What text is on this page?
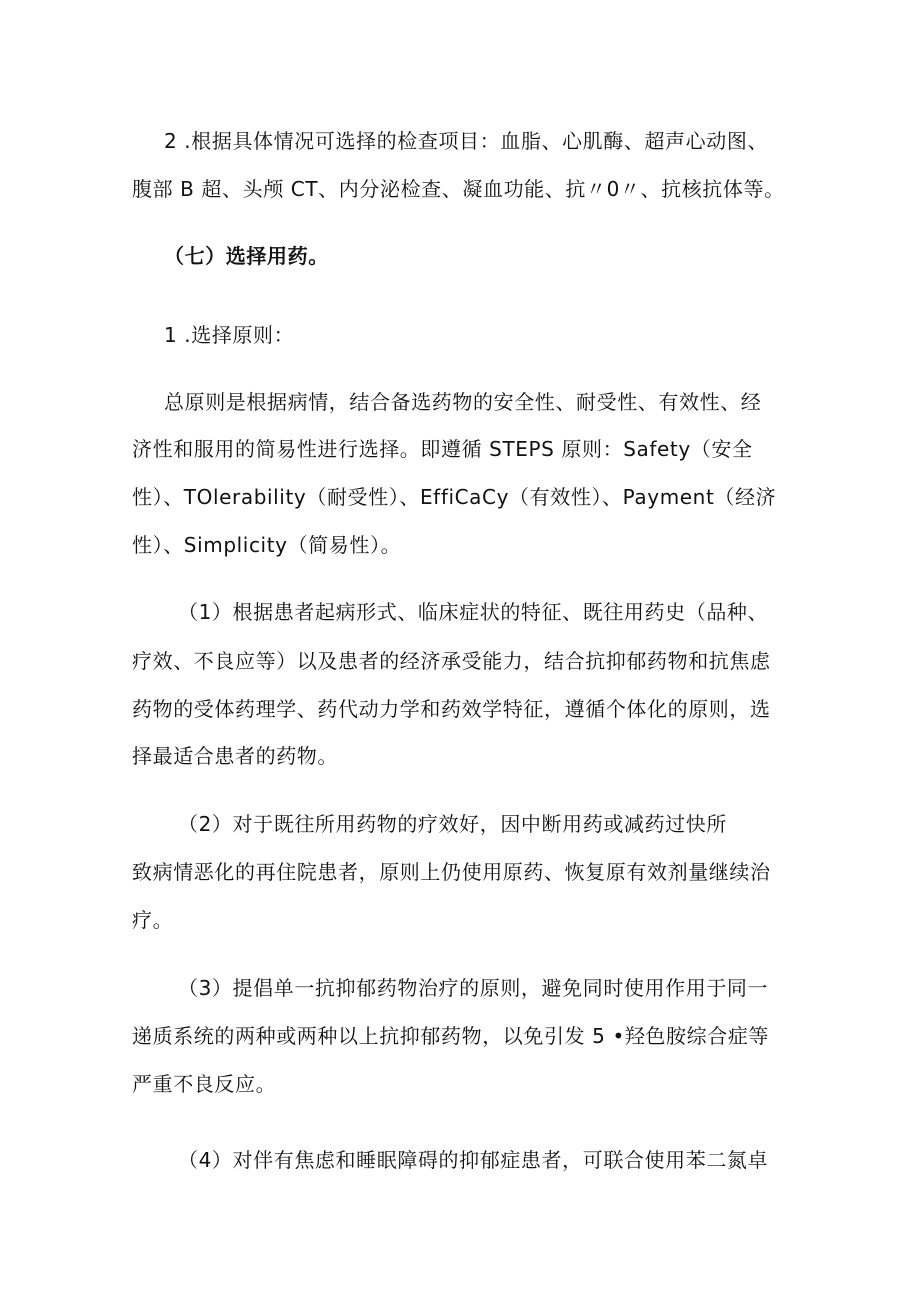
2 .根据具体情况可选择的检查项目：血脂、心肌酶、超声心动图、
腹部 B 超、头颅 CT、内分泌检查、凝血功能、抗〃0〃、抗核抗体等。
（七）选择用药。
1 .选择原则：
总原则是根据病情，结合备选药物的安全性、耐受性、有效性、经
济性和服用的简易性进行选择。即遵循 STEPS 原则：Safety（安全
性）、TOlerability（耐受性）、EffiCaCy（有效性）、Payment（经济
性）、Simplicity（简易性）。
（1）根据患者起病形式、临床症状的特征、既往用药史（品种、
疗效、不良应等）以及患者的经济承受能力，结合抗抑郁药物和抗焦虑
药物的受体药理学、药代动力学和药效学特征，遵循个体化的原则，选
择最适合患者的药物。
（2）对于既往所用药物的疗效好，因中断用药或减药过快所
致病情恶化的再住院患者，原则上仍使用原药、恢复原有效剂量继续治
疗。
（3）提倡单一抗抑郁药物治疗的原则，避免同时使用作用于同一
递质系统的两种或两种以上抗抑郁药物，以免引发 5 •羟色胺综合症等
严重不良反应。
（4）对伴有焦虑和睡眠障碍的抑郁症患者，可联合使用苯二氮卓
